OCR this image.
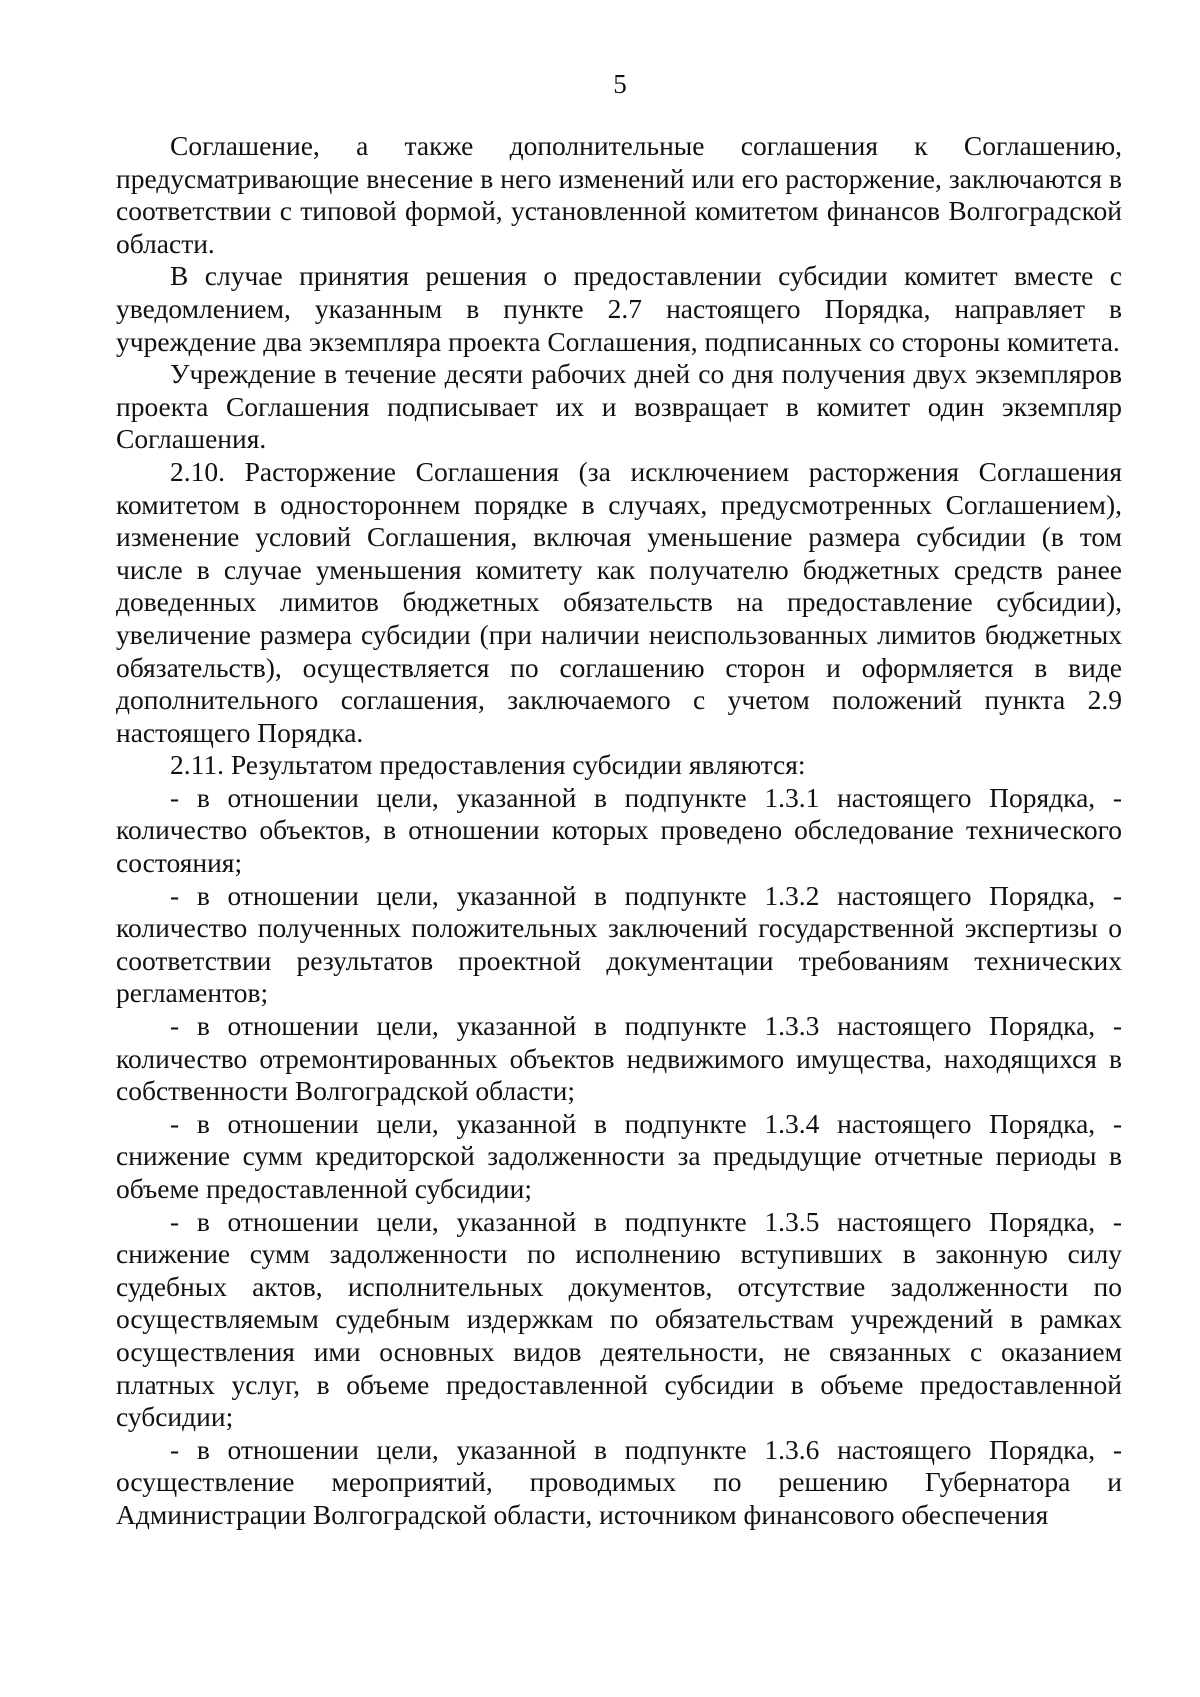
5

Соглашение, а также дополнительные соглашения к Соглашению, предусматривающие внесение в него изменений или его расторжение, заключаются в соответствии с типовой формой, установленной комитетом финансов Волгоградской области.

В случае принятия решения о предоставлении субсидии комитет вместе с уведомлением, указанным в пункте 2.7 настоящего Порядка, направляет в учреждение два экземпляра проекта Соглашения, подписанных со стороны комитета.

Учреждение в течение десяти рабочих дней со дня получения двух экземпляров проекта Соглашения подписывает их и возвращает в комитет один экземпляр Соглашения.

2.10. Расторжение Соглашения (за исключением расторжения Соглашения комитетом в одностороннем порядке в случаях, предусмотренных Соглашением), изменение условий Соглашения, включая уменьшение размера субсидии (в том числе в случае уменьшения комитету как получателю бюджетных средств ранее доведенных лимитов бюджетных обязательств на предоставление субсидии), увеличение размера субсидии (при наличии неиспользованных лимитов бюджетных обязательств), осуществляется по соглашению сторон и оформляется в виде дополнительного соглашения, заключаемого с учетом положений пункта 2.9 настоящего Порядка.

2.11. Результатом предоставления субсидии являются:

- в отношении цели, указанной в подпункте 1.3.1 настоящего Порядка, - количество объектов, в отношении которых проведено обследование технического состояния;

- в отношении цели, указанной в подпункте 1.3.2 настоящего Порядка, - количество полученных положительных заключений государственной экспертизы о соответствии результатов проектной документации требованиям технических регламентов;

- в отношении цели, указанной в подпункте 1.3.3 настоящего Порядка, - количество отремонтированных объектов недвижимого имущества, находящихся в собственности Волгоградской области;

- в отношении цели, указанной в подпункте 1.3.4 настоящего Порядка, - снижение сумм кредиторской задолженности за предыдущие отчетные периоды в объеме предоставленной субсидии;

- в отношении цели, указанной в подпункте 1.3.5 настоящего Порядка, - снижение сумм задолженности по исполнению вступивших в законную силу судебных актов, исполнительных документов, отсутствие задолженности по осуществляемым судебным издержкам по обязательствам учреждений в рамках осуществления ими основных видов деятельности, не связанных с оказанием платных услуг, в объеме предоставленной субсидии в объеме предоставленной субсидии;

- в отношении цели, указанной в подпункте 1.3.6 настоящего Порядка, - осуществление мероприятий, проводимых по решению Губернатора и Администрации Волгоградской области, источником финансового обеспечения
